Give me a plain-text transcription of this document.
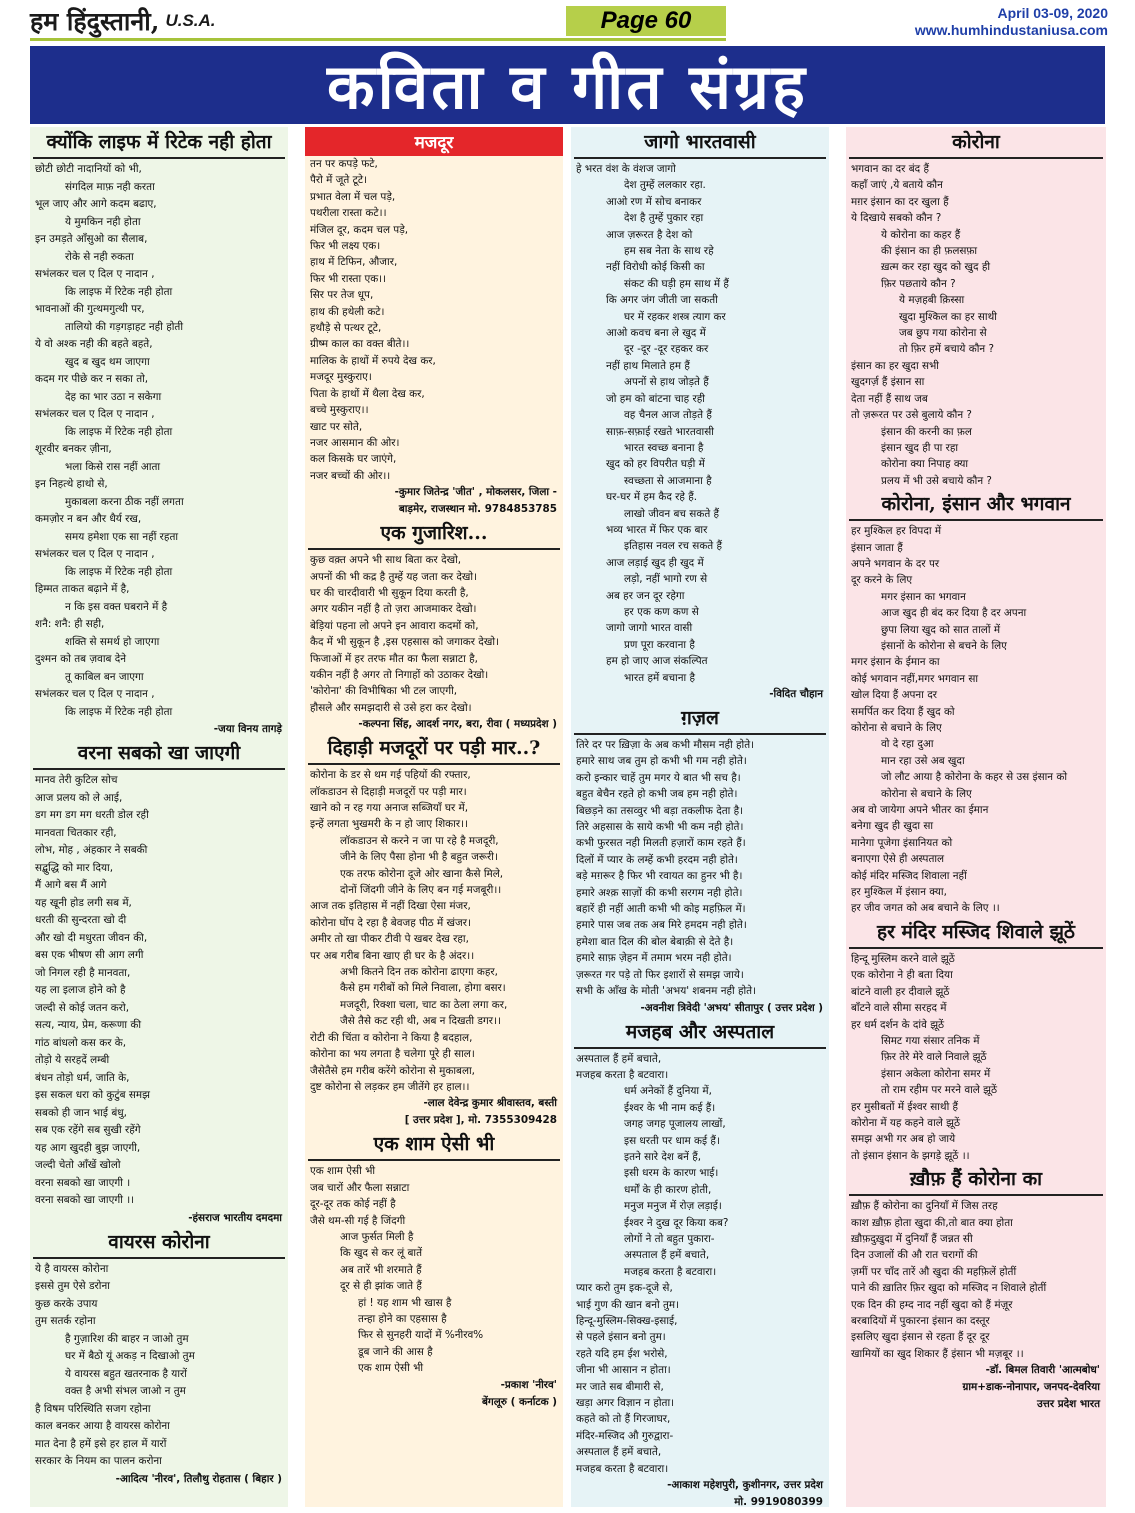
हम हिंदुस्तानी, U.S.A.	Page 60	April 03-09, 2020
www.humhindustaniusa.com
कविता व गीत संग्रह
क्योंकि लाइफ में रिटेक नही होता
छोटी छोटी नादानियों को भी,
संगदिल माफ़ नही करता
भूल जाए और आगे कदम बढाए,
ये मुमकिन नही होता
इन उमड़ते आँसुओ का सैलाब,
रोके से नही रुकता
सभंलकर चल ए दिल ए नादान ,
कि लाइफ में रिटेक नही होता
भावनाओं की गुत्थमगुत्थी पर,
तालियो की गड़गड़ाहट नही होती
ये वो अश्क नही की बहते बहते,
खुद ब खुद थम जाएगा
कदम गर पीछे कर न सका तो,
देह का भार उठा न सकेगा
सभंलकर चल ए दिल ए नादान ,
कि लाइफ में रिटेक नही होता
शूरवीर बनकर ज़ीना,
भला किसे रास नहीं आता
इन निहत्थे हाथो से,
मुकाबला करना ठीक नहीं लगता
कमज़ोर न बन और धैर्य रख,
समय हमेशा एक सा नहीं रहता
सभंलकर चल ए दिल ए नादान ,
कि लाइफ में रिटेक नही होता
हिम्मत ताकत बढ़ाने में है,
न कि इस वक्त घबराने में है
शनै: शनै: ही सही,
शक्ति से समर्थ हो जाएगा
दुश्मन को तब ज़वाब देने
तू काबिल बन जाएगा
सभंलकर चल ए दिल ए नादान ,
कि लाइफ में रिटेक नही होता
-जया विनय तागड़े
वरना सबको खा जाएगी
मानव तेरी कुटिल सोच
आज प्रलय को ले आई,
डग मग डग मग धरती डोल रही
मानवता चितकार रही,
लोभ, मोह , अंहकार ने सबकी
सद्बुद्धि को मार दिया,
मैं आगे बस मैं आगे
यह खूनी होड लगी सब में,
धरती की सुन्दरता खो दी
और खो दी मधुरता जीवन की,
बस एक भीषण सी आग लगी
जो निगल रही है मानवता,
यह ला इलाज होने को है
जल्दी से कोई जतन करो,
सत्य, न्याय, प्रेम, करूणा की
गांठ बांधलो कस कर के,
तोड़ो ये सरहदें लम्बी
बंधन तोड़ो धर्म, जाति के,
इस सकल धरा को कुटुंब समझ
सबको ही जान भाई बंधु,
सब एक रहेंगे सब सुखी रहेंगे
यह आग खुदही बुझ जाएगी,
जल्दी चेतो आँखें खोलो
वरना सबको खा जाएगी ।
वरना सबको खा जाएगी ।।
-हंसराज भारतीय दमदमा
वायरस कोरोना
ये है वायरस कोरोना
इससे तुम ऐसे डरोना
कुछ करके उपाय
तुम सतर्क रहोना
है गुज़ारिश की बाहर न जाओ तुम
घर में बैठो यूं अकड़ न दिखाओ तुम
ये वायरस बहुत खतरनाक है यारों
वक्त है अभी संभल जाओ न तुम
है विषम परिस्थिति सजग रहोना
काल बनकर आया है वायरस कोरोना
मात देना है हमें इसे हर हाल में यारों
सरकार के नियम का पालन करोना
-आदित्य 'नीरव', तिलौथु रोहतास ( बिहार )
मजदूर
तन पर कपड़े फटे,
पैरो में जूते टूटे।
प्रभात वेला में चल पड़े,
पथरीला रास्ता कटे।।
मंजिल दूर, कदम चल पड़े,
फिर भी लक्ष्य एक।
हाथ में टिफिन, औजार,
फिर भी रास्ता एक।।
सिर पर तेज धूप,
हाथ की हथेली कटे।
हथौड़े से पत्थर टूटे,
ग्रीष्म काल का वक्त बीते।।
मालिक के हाथों में रुपये देख कर,
मजदूर मुस्कुराए।
पिता के हाथों में थैला देख कर,
बच्चे मुस्कुराए।।
खाट पर सोते,
नजर आसमान की ओर।
कल किसके घर जाएंगे,
नजर बच्चों की ओर।।
-कुमार जितेन्द्र 'जीत' , मोकलसर, जिला -
बाड़मेर, राजस्थान मो. 9784853785
एक गुजारिश...
कुछ वक़्त अपने भी साथ बिता कर देखो,
अपनों की भी कद्र है तुम्हें यह जता कर देखो।
घर की चारदीवारी भी सुकून दिया करती है,
अगर यकीन नहीं है तो ज़रा आजमाकर देखो।
बेड़ियां पहना लो अपने इन आवारा कदमों को,
कैद में भी सुकून है ,इस एहसास को जगाकर देखो।
फिजाओं में हर तरफ मौत का फैला सन्नाटा है,
यकीन नहीं है अगर तो निगाहों को उठाकर देखो।
'कोरोना' की विभीषिका भी टल जाएगी,
हौसले और समझदारी से उसे हरा कर देखो।
-कल्पना सिंह, आदर्श नगर, बरा, रीवा ( मध्यप्रदेश )
दिहाड़ी मजदूरों पर पड़ी मार..?
कोरोना के डर से थम गई पहियों की रफ्तार,
लॉकडाउन से दिहाड़ी मजदूरों पर पड़ी मार।
खाने को न रह गया अनाज सब्जियाँ घर में,
इन्हें लगता भुखमरी के न हो जाए शिकार।।
लॉकडाउन से करने न जा पा रहे है मजदूरी,
जीने के लिए पैसा होना भी है बहुत जरूरी।
एक तरफ कोरोना दूजे ओर खाना कैसे मिले,
दोनों जिंदगी जीने के लिए बन गई मजबूरी।।
आज तक इतिहास में नहीं दिखा ऐसा मंजर,
कोरोना घोंप दे रहा है बेवजह पीठ में खंजर।
अमीर तो खा पीकर टीवी पे खबर देख रहा,
पर अब गरीब बिना खाए ही घर के है अंदर।।
अभी कितने दिन तक कोरोना ढाएगा कहर,
कैसे हम गरीबों को मिले निवाला, होगा बसर।
मजदूरी, रिक्शा चला, चाट का ठेला लगा कर,
जैसे तैसे कट रही थी, अब न दिखती डगर।।
रोटी की चिंता व कोरोना ने किया है बदहाल,
कोरोना का भय लगता है चलेगा पूरे ही साल।
जैसेतैसे हम गरीब करेंगे कोरोना से मुकाबला,
दुष्ट कोरोना से लड़कर हम जीतेंगे हर हाल।।
-लाल देवेन्द्र कुमार श्रीवास्तव, बस्ती
[ उत्तर प्रदेश ], मो. 7355309428
एक शाम ऐसी भी
एक शाम ऐसी भी
जब चारों और फैला सन्नाटा
दूर-दूर तक कोई नहीं है
जैसे थम-सी गई है जिंदगी
आज फुर्सत मिली है
कि खुद से कर लूं बातें
अब तारें भी शरमाते हैं
दूर से ही झांक जाते हैं
हां ! यह शाम भी खास है
तन्हा होने का एहसास है
फिर से सुनहरी यादों में %नीरव%
डूब जाने की आस है
एक शाम ऐसी भी
-प्रकाश 'नीरव'
बेंगलूरु ( कर्नाटक )
जागो भारतवासी
हे भरत वंश के वंशज जागो
देश तुम्हें ललकार रहा.
आओ रण में सोच बनाकर
देश है तुम्हें पुकार रहा
आज ज़रूरत है देश को
हम सब नेता के साथ रहे
नहीं विरोधी कोई किसी का
संकट की घड़ी हम साथ में हैं
कि अगर जंग जीती जा सकती
घर में रहकर शस्त्र त्याग कर
आओ कवच बना ले खुद में
दूर -दूर -दूर रहकर कर
नहीं हाथ मिलाते हम हैं
अपनों से हाथ जोड़ते हैं
जो हम को बांटना चाह रही
वह चैनल आज तोड़ते हैं
साफ़-सफ़ाई रखते भारतवासी
भारत स्वच्छ बनाना है
खुद को हर विपरीत घड़ी में
स्वच्छता से आजमाना है
घर-घर में हम कैद रहे हैं.
लाखो जीवन बच सकते हैं
भव्य भारत में फिर एक बार
इतिहास नवल रच सकते हैं
आज लड़ाई खुद ही खुद में
लड़ो, नहीं भागो रण से
अब हर जन दूर रहेगा
हर एक कण कण से
जागो जागो भारत वासी
प्रण पूरा करवाना है
हम हो जाए आज संकल्पित
भारत हमें बचाना है
-विदित चौहान
ग़ज़ल
तिरे दर पर ख़िज़ा के अब कभी मौसम नही होते।
हमारे साथ जब तुम हो कभी भी गम नही होते।
करो इन्कार चाहें तुम मगर ये बात भी सच है।
बहुत बेचैन रहते हो कभी जब हम नही होते।
बिछड़ने का तसव्वुर भी बड़ा तकलीफ देता है।
तिरे अहसास के साये कभी भी कम नही होते।
कभी फुरसत नही मिलती हज़ारों काम रहते हैं।
दिलों में प्यार के लम्हें कभी हरदम नही होते।
बड़े मग़रूर है फिर भी रवायत का हुनर भी है।
हमारे अश्क़ साज़ों की कभी सरगम नही होते।
बहारें ही नहीं आती कभी भी कोइ महफ़िल में।
हमारे पास जब तक अब मिरे हमदम नही होते।
हमेशा बात दिल की बोल बेबाक़ी से देते है।
हमारे साफ़ ज़ेहन में तमाम भरम नही होते।
ज़रूरत गर पड़े तो फिर इशारों से समझ जाये।
सभी के आँख के मोती 'अभय' शबनम नही होते।
-अवनीश त्रिवेदी 'अभय' सीतापुर ( उत्तर प्रदेश )
मजहब और अस्पताल
अस्पताल हैं हमें बचाते,
मजहब करता है बटवारा।
धर्म अनेकों हैं दुनिया में,
ईश्वर के भी नाम कई हैं।
जगह जगह पूजालय लाखों,
इस धरती पर धाम कई हैं।
इतने सारे देश बनें हैं,
इसी धरम के कारण भाई।
धर्मों के ही कारण होती,
मनुज मनुज में रोज़ लड़ाई।
ईश्वर ने दुख दूर किया कब?
लोगों ने तो बहुत पुकारा-
अस्पताल हैं हमें बचाते,
मजहब करता है बटवारा।
प्यार करो तुम इक-दूजे से,
भाई गुण की खान बनो तुम।
हिन्दू-मुस्लिम-सिक्ख-इसाई,
से पहले इंसान बनो तुम।
रहते यदि हम ईश भरोसे,
जीना भी आसान न होता।
मर जाते सब बीमारी से,
खड़ा अगर विज्ञान न होता।
कहते को तो हैं गिरजाघर,
मंदिर-मस्जिद औ गुरुद्वारा-
अस्पताल हैं हमें बचाते,
मजहब करता है बटवारा।
-आकाश महेशपुरी, कुशीनगर, उत्तर प्रदेश
मो. 9919080399
कोरोना
भगवान का दर बंद हैं
कहाँ जाएं ,ये बताये कौन
मग़र इंसान का दर खुला हैं
ये दिखाये सबको कौन ?
ये कोरोना का कहर हैं
की इंसान का ही फ़लसफ़ा
ख़त्म कर रहा खुद को खुद ही
फ़िर पछताये कौन ?
ये मज़हबी क़िस्सा
खुदा मुश्किल का हर साथी
जब छुप गया कोरोना से
तो फ़िर हमें बचाये कौन ?
इंसान का हर खुदा सभी
खुदगर्ज़ हैं इंसान सा
देता नहीं हैं साथ जब
तो ज़रूरत पर उसे बुलाये कौन ?
इंसान की करनी का फ़ल
इंसान खुद ही पा रहा
कोरोना क्या निपाह क्या
प्रलय में भी उसे बचाये कौन ?
कोरोना, इंसान और भगवान
हर मुश्किल हर विपदा में
इंसान जाता हैं
अपने भगवान के दर पर
दूर करने के लिए
मगर इंसान का भगवान
आज खुद ही बंद कर दिया है दर अपना
छुपा लिया खुद को सात तालों में
इंसानों के कोरोना से बचने के लिए
मगर इंसान के ईमान का
कोई भगवान नहीं,मगर भगवान सा
खोल दिया हैं अपना दर
समर्पित कर दिया हैं खुद को
कोरोना से बचाने के लिए
वो दे रहा दुआ
मान रहा उसे अब खुदा
जो लौट आया है कोरोना के कहर से उस इंसान को
कोरोना से बचाने के लिए
अब वो जायेगा अपने भीतर का ईमान
बनेगा खुद ही खुदा सा
मानेगा पूजेगा इंसानियत को
बनाएगा ऐसे ही अस्पताल
कोई मंदिर मस्जिद शिवाला नहीं
हर मुश्किल में इंसान क्या,
हर जीव जगत को अब बचाने के लिए ।।
हर मंदिर मस्जिद शिवाले झूठें
हिन्दू मुस्लिम करने वाले झूठें
एक कोरोना ने ही बता दिया
बांटने वाली हर दीवाले झूठें
बाँटने वाले सीमा सरहद में
हर धर्म दर्शन के दांवे झूठें
सिमट गया संसार तनिक में
फ़िर तेरे मेरे वाले निवाले झूठें
इंसान अकेला कोरोना समर में
तो राम रहीम पर मरने वाले झूठें
हर मुसीबतों में ईश्वर साथी हैं
कोरोना में यह कहने वाले झूठें
समझ अभी गर अब हो जाये
तो इंसान इंसान के झगड़े झूठें ।।
ख़ौफ़ हैं कोरोना का
ख़ौफ़ हैं कोरोना का दुनियाँ में जिस तरह
काश ख़ौफ़ होता खुदा की,तो बात क्या होता
ख़ौफ़दुख़ुदा में दुनियाँ हैं जन्नत सी
दिन उजालों की औ रात चरागों की
ज़मीं पर चाँद तारें औ खुदा की महफ़िलें होतीं
पाने की ख़ातिर फ़िर खुदा को मस्जिद न शिवाले होतीं
एक दिन की हम्द नाद नहीं खुदा को हैं मंज़ूर
बरबादियों में पुकारना इंसान का दस्तूर
इसलिए खुदा इंसान से रहता हैं दूर दूर
खामियों का खुद शिकार हैं इंसान भी मज़बूर ।।
-डॉ. बिमल तिवारी 'आत्मबोध'
ग्राम+डाक-नोनापार, जनपद-देवरिया
उत्तर प्रदेश भारत
